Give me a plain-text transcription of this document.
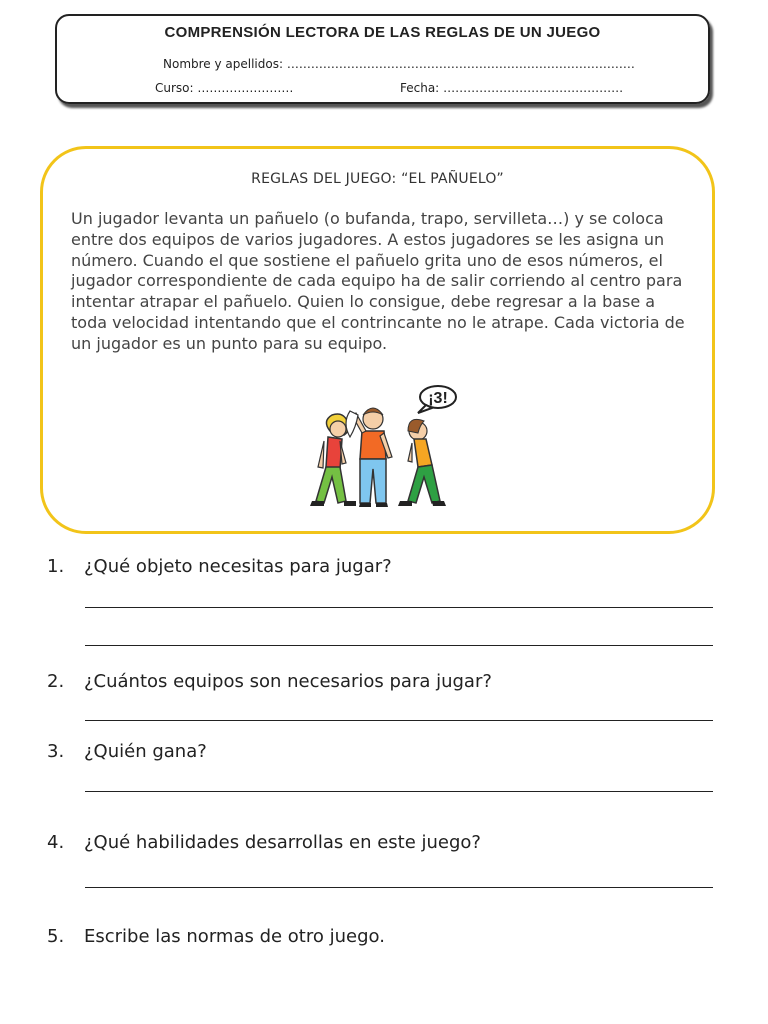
COMPRENSIÓN LECTORA DE LAS REGLAS DE UN JUEGO
Nombre y apellidos: ……………………………………………………………………………
Curso: ……………………	Fecha: ………………………………………
REGLAS DEL JUEGO: “EL PAÑUELO”
Un jugador levanta un pañuelo (o bufanda, trapo, servilleta…) y se coloca entre dos equipos de varios jugadores. A estos jugadores se les asigna un número. Cuando el que sostiene el pañuelo grita uno de esos números, el jugador correspondiente de cada equipo ha de salir corriendo al centro para intentar atrapar el pañuelo. Quien lo consigue, debe regresar a la base a toda velocidad intentando que el contrincante no le atrape. Cada victoria de un jugador es un punto para su equipo.
¡3!
1. ¿Qué objeto necesitas para jugar?
2. ¿Cuántos equipos son necesarios para jugar?
3. ¿Quién gana?
4. ¿Qué habilidades desarrollas en este juego?
5. Escribe las normas de otro juego.
